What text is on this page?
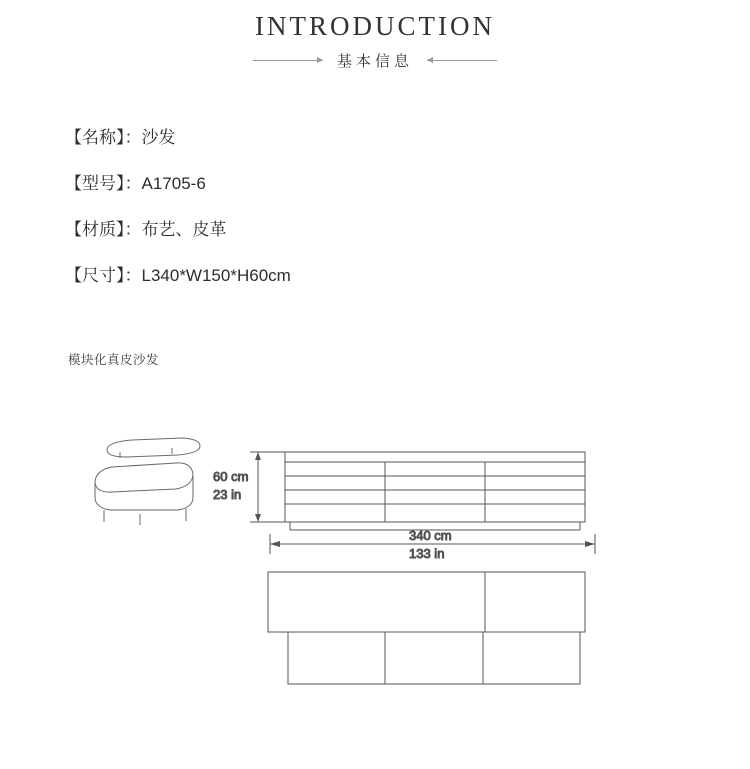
INTRODUCTION
基本信息
【名称】：沙发
【型号】：A1705-6
【材质】：布艺、皮革
【尺寸】：L340*W150*H60cm
模块化真皮沙发
60 cm
23 in
340 cm
133 in
